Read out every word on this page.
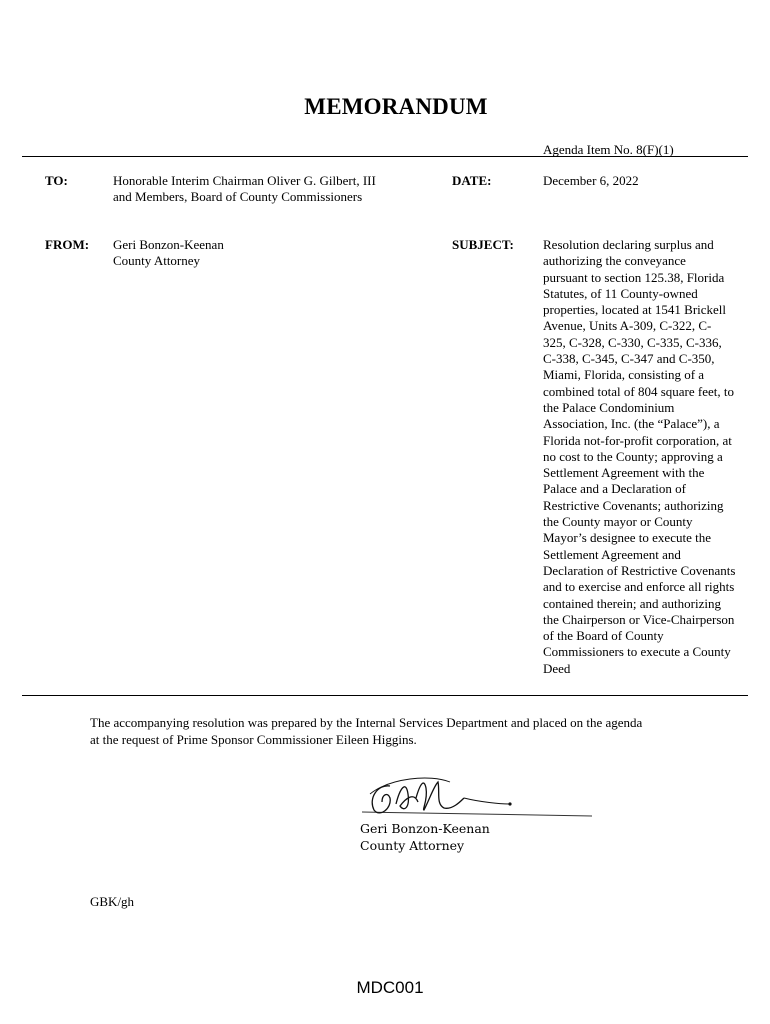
MEMORANDUM
Agenda Item No. 8(F)(1)
TO:	Honorable Interim Chairman Oliver G. Gilbert, III
and Members, Board of County Commissioners
DATE:	December 6, 2022
FROM: Geri Bonzon-Keenan
County Attorney
SUBJECT: Resolution declaring surplus and
authorizing the conveyance
pursuant to section 125.38, Florida
Statutes, of 11 County-owned
properties, located at 1541 Brickell
Avenue, Units A-309, C-322, C-
325, C-328, C-330, C-335, C-336,
C-338, C-345, C-347 and C-350,
Miami, Florida, consisting of a
combined total of 804 square feet, to
the Palace Condominium
Association, Inc. (the “Palace”), a
Florida not-for-profit corporation, at
no cost to the County; approving a
Settlement Agreement with the
Palace and a Declaration of
Restrictive Covenants; authorizing
the County mayor or County
Mayor’s designee to execute the
Settlement Agreement and
Declaration of Restrictive Covenants
and to exercise and enforce all rights
contained therein; and authorizing
the Chairperson or Vice-Chairperson
of the Board of County
Commissioners to execute a County
Deed
The accompanying resolution was prepared by the Internal Services Department and placed on the agenda
at the request of Prime Sponsor Commissioner Eileen Higgins.
Geri Bonzon-Keenan
County Attorney
GBK/gh
MDC001
